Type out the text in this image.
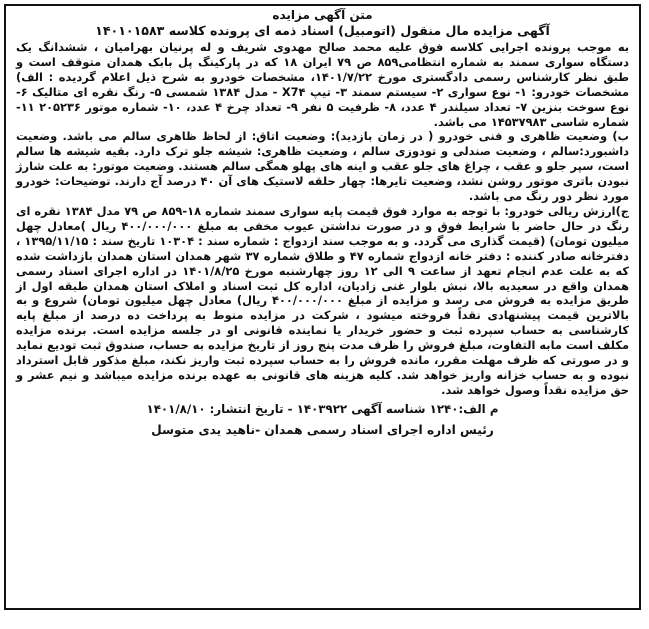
متن آگهی مزایده
آگهی مزایده مال منقول (اتومبیل) اسناد ذمه ای پرونده کلاسه ۱۴۰۱۰۱۵۸۳

به موجب پرونده اجرایی کلاسه فوق علیه محمد صالح مهدوی شریف و له پرنیان بهرامیان ، ششدانگ یک دستگاه سواری سمند به شماره انتظامی۸۵۹ ص ۷۹ ایران ۱۸ که در پارکینگ پل بابک همدان متوقف است و طبق نظر کارشناس رسمی دادگستری مورخ ۱۴۰۱/۷/۲۲، مشخصات خودرو به شرح ذیل اعلام گردیده : الف) مشخصات خودرو: ۱- نوع سواری ۲- سیستم سمند ۳- تیپ X7۴ - مدل ۱۳۸۴ شمسی ۵- رنگ نقره ای متالیک ۶- نوع سوخت بنزین ۷- تعداد سیلندر ۴ عدد، ۸- ظرفیت ۵ نفر ۹- تعداد چرخ ۴ عدد، ۱۰- شماره موتور ۲۰۵۲۳۶ ۱۱- شماره شاسی ۱۴۵۳۷۹۸۳ می باشد.

ب) وضعیت ظاهری و فنی خودرو ( در زمان بازدید): وضعیت اتاق: از لحاظ ظاهری سالم می باشد. وضعیت داشبورد:سالم ، وضعیت صندلی و تودوزی سالم ، وضعیت ظاهری: شیشه جلو ترک دارد. بقیه شیشه ها سالم است، سپر جلو و عقب ، چراغ های جلو عقب و اینه های پهلو همگی سالم هستند. وضعیت موتور: به علت شارژ نبودن باتری موتور روشن نشد، وضعیت تایرها: چهار حلقه لاستیک های آن ۴۰ درصد آج دارند. توضیحات: خودرو مورد نظر دور رنگ می باشد.

ج)ارزش ریالی خودرو: با توجه به موارد فوق قیمت پایه سواری سمند شماره ۱۸-۸۵۹ ص ۷۹ مدل ۱۳۸۴ نقره ای رنگ در حال حاضر با شرایط فوق و در صورت نداشتن عیوب مخفی به مبلغ ۴۰۰/۰۰۰/۰۰۰ ریال )معادل چهل میلیون تومان) (قیمت گذاری می گردد. و به موجب سند ازدواج : شماره سند : ۱۰۳۰۴ تاریخ سند : ۱۳۹۵/۱۱/۱۵ ، دفترخانه صادر کننده : دفتر خانه ازدواج شماره ۴۷ و طلاق شماره ۳۷ شهر همدان استان همدان بازداشت شده که به علت عدم انجام تعهد از ساعت ۹ الی ۱۲ روز چهارشنبه مورخ ۱۴۰۱/۸/۲۵ در اداره اجرای اسناد رسمی همدان واقع در سعیدیه بالا، نبش بلوار غنی زادیان، اداره کل ثبت اسناد و املاک استان همدان طبقه اول از طریق مزایده به فروش می رسد و مزایده از مبلغ ۴۰۰/۰۰۰/۰۰۰ ریال) معادل چهل میلیون تومان) شروع و به بالاترین قیمت پیشنهادی نقداً فروخته میشود ، شرکت در مزایده منوط به پرداخت ده درصد از مبلغ پایه کارشناسی به حساب سپرده ثبت و حضور خریدار یا نماینده قانونی او در جلسه مزایده است. برنده مزایده مکلف است مابه التفاوت، مبلغ فروش را ظرف مدت پنج روز از تاریخ مزایده به حساب، صندوق ثبت تودیع نماید و در صورتی که ظرف مهلت مقرر، مانده فروش را به حساب سپرده ثبت واریز نکند، مبلغ مذکور قابل استرداد نبوده و به حساب خزانه واریز خواهد شد. کلیه هزینه های قانونی به عهده برنده مزایده میباشد و نیم عشر و حق مزایده نقداً وصول خواهد شد.

م الف:۱۲۴۰ شناسه آگهی ۱۴۰۳۹۲۲ - تاریخ انتشار: ۱۴۰۱/۸/۱۰
رئیس اداره اجرای اسناد رسمی همدان -ناهید یدی متوسل
